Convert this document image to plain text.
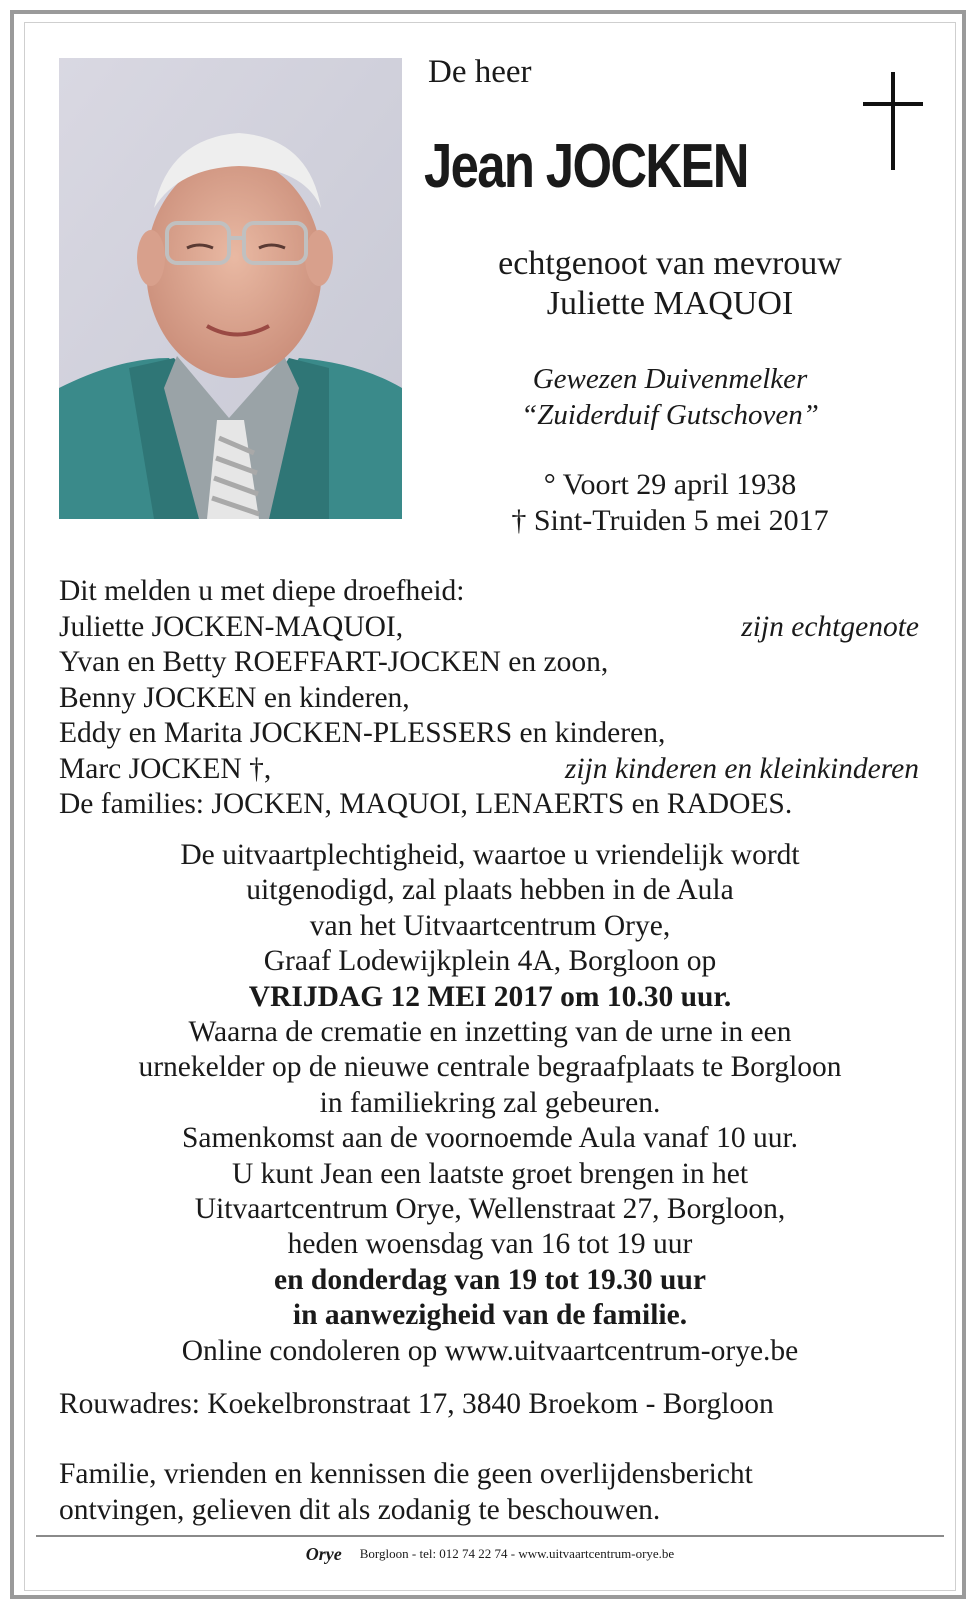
De heer
Jean JOCKEN
echtgenoot van mevrouw
Juliette MAQUOI
Gewezen Duivenmelker
“Zuiderduif Gutschoven”
° Voort 29 april 1938
† Sint-Truiden 5 mei 2017
Dit melden u met diepe droefheid:
Juliette JOCKEN-MAQUOI,	zijn echtgenote
Yvan en Betty ROEFFART-JOCKEN en zoon,
Benny JOCKEN en kinderen,
Eddy en Marita JOCKEN-PLESSERS en kinderen,
Marc JOCKEN †,	zijn kinderen en kleinkinderen
De families: JOCKEN, MAQUOI, LENAERTS en RADOES.
De uitvaartplechtigheid, waartoe u vriendelijk wordt
uitgenodigd, zal plaats hebben in de Aula
van het Uitvaartcentrum Orye,
Graaf Lodewijkplein 4A, Borgloon op
VRIJDAG 12 MEI 2017 om 10.30 uur.
Waarna de crematie en inzetting van de urne in een
urnekelder op de nieuwe centrale begraafplaats te Borgloon
in familiekring zal gebeuren.
Samenkomst aan de voornoemde Aula vanaf 10 uur.
U kunt Jean een laatste groet brengen in het
Uitvaartcentrum Orye, Wellenstraat 27, Borgloon,
heden woensdag van 16 tot 19 uur
en donderdag van 19 tot 19.30 uur
in aanwezigheid van de familie.
Online condoleren op www.uitvaartcentrum-orye.be
Rouwadres: Koekelbronstraat 17, 3840 Broekom - Borgloon
Familie, vrienden en kennissen die geen overlijdensbericht
ontvingen, gelieven dit als zodanig te beschouwen.
Orye Borgloon - tel: 012 74 22 74 - www.uitvaartcentrum-orye.be
